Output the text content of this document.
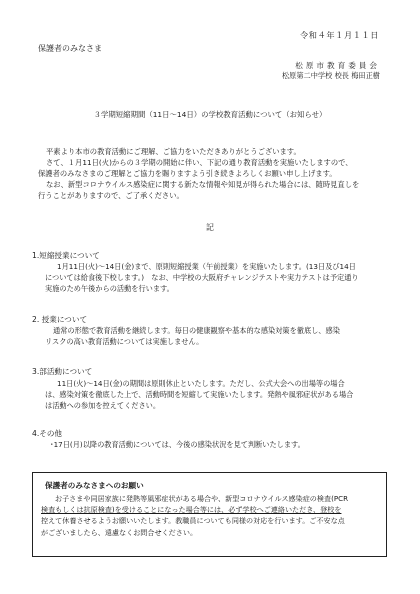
令和４年１月１１日
保護者のみなさま
松原市教育委員会
松原第二中学校 校長 梅田正樹
３学期短縮期間（11日～14日）の学校教育活動について（お知らせ）
平素より本市の教育活動にご理解、ご協力をいただきありがとうございます。
さて、１月11日(火)からの３学期の開始に伴い、下記の通り教育活動を実施いたしますので、
保護者のみなさまのご理解とご協力を賜りますよう引き続きよろしくお願い申し上げます。
なお、新型コロナウイルス感染症に関する新たな情報や知見が得られた場合には、随時見直しを
行うことがありますので、ご了承ください。
記
1.短縮授業について
1月11日(火)～14日(金)まで、原則短縮授業（午前授業）を実施いたします。(13日及び14日
については給食後下校します。)　なお、中学校の大阪府チャレンジテストや実力テストは予定通り
実施のため午後からの活動を行います。
2. 授業について
通常の形態で教育活動を継続します。毎日の健康観察や基本的な感染対策を徹底し、感染
リスクの高い教育活動については実施しません。
3.部活動について
11日(火)～14日(金)の期間は原則休止といたします。ただし、公式大会への出場等の場合
は、感染対策を徹底した上で、活動時間を短縮して実施いたします。発熱や風邪症状がある場合
は活動への参加を控えてください。
4.その他
･17日(月)以降の教育活動については、今後の感染状況を見て判断いたします。
保護者のみなさまへのお願い
お子さまや同居家族に発熱等風邪症状がある場合や、新型コロナウイルス感染症の検査(PCR
検査もしくは抗原検査)を受けることになった場合等には、必ず学校へご連絡いただき、登校を
控えて休養させるようお願いいたします。教職員についても同様の対応を行います。ご不安な点
がございましたら、遠慮なくお問合せください。
